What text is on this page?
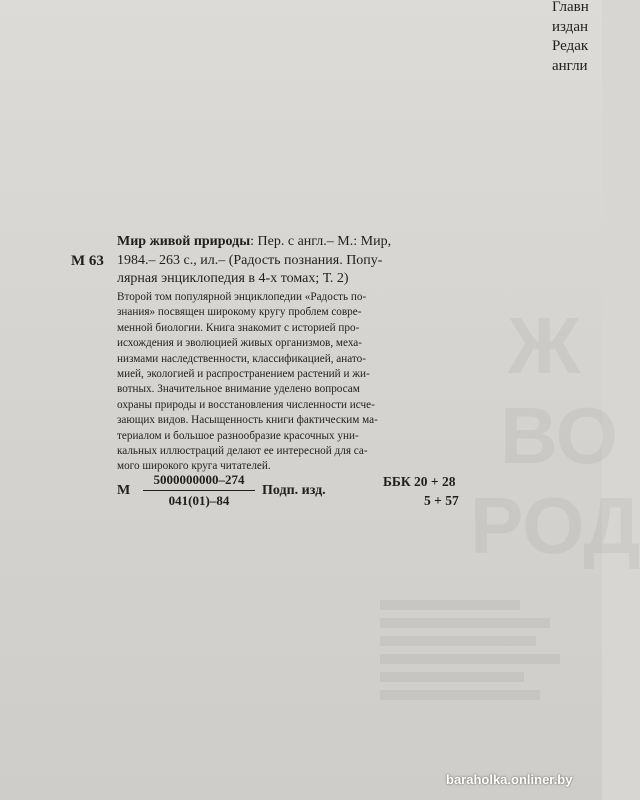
Ж
ВО
РОД
Главн
издан
Редак
англи
М 63
Мир живой природы: Пер. с англ.– М.: Мир,
1984.– 263 с., ил.– (Радость познания. Попу-
лярная энциклопедия в 4-х томах; Т. 2)
Второй том популярной энциклопедии «Радость по-
знания» посвящен широкому кругу проблем совре-
менной биологии. Книга знакомит с историей про-
исхождения и эволюцией живых организмов, меха-
низмами наследственности, классификацией, анато-
мией, экологией и распространением растений и жи-
вотных. Значительное внимание уделено вопросам
охраны природы и восстановления численности исче-
зающих видов. Насыщенность книги фактическим ма-
териалом и большое разнообразие красочных уни-
кальных иллюстраций делают ее интересной для са-
мого широкого круга читателей.
М
5000000000–274
041(01)–84
Подп. изд.
ББК 20 + 28
5 + 57
baraholka.onliner.by
